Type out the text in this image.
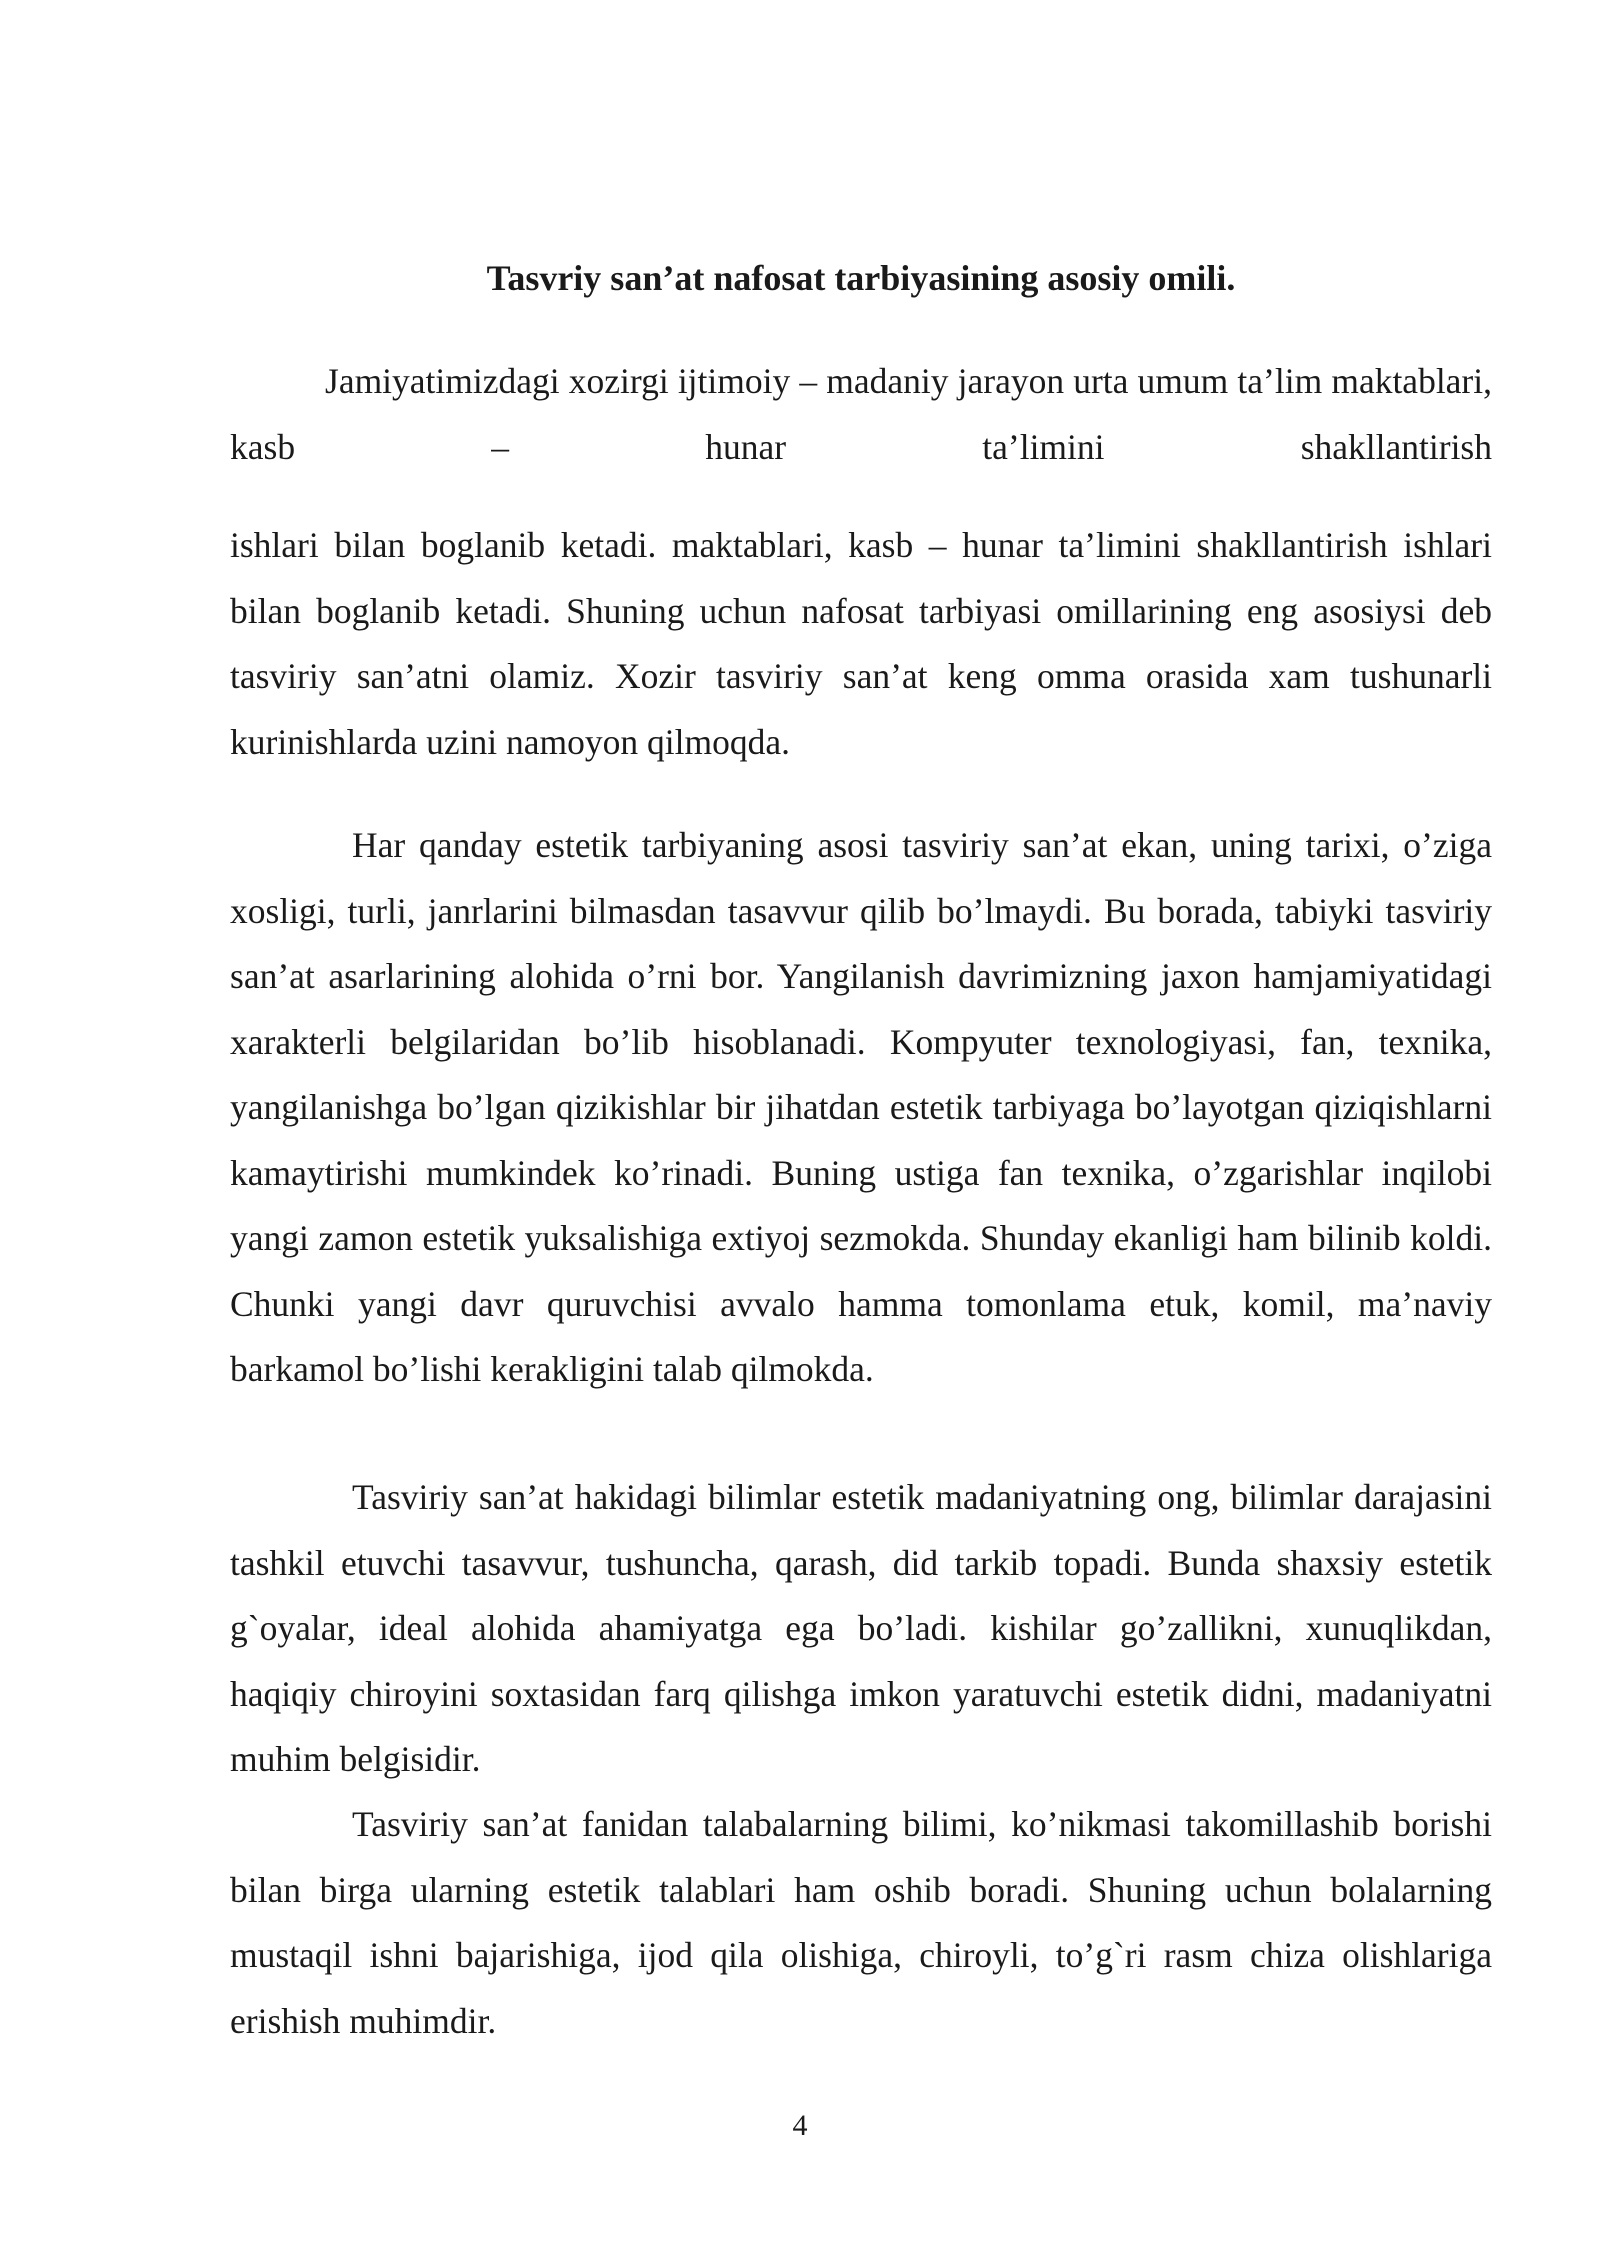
Tasvriy san’at nafosat tarbiyasining asosiy omili.

Jamiyatimizdagi xozirgi ijtimoiy – madaniy jarayon urta umum ta’lim maktablari, kasb – hunar ta’limini shakllantirish

ishlari bilan boglanib ketadi. maktablari, kasb – hunar ta’limini shakllantirish ishlari bilan boglanib ketadi. Shuning uchun nafosat tarbiyasi omillarining eng asosiysi deb tasviriy san’atni olamiz. Xozir tasviriy san’at keng omma orasida xam tushunarli kurinishlarda uzini namoyon qilmoqda.

Har qanday estetik tarbiyaning asosi tasviriy san’at ekan, uning tarixi, o’ziga xosligi, turli, janrlarini bilmasdan tasavvur qilib bo’lmaydi. Bu borada, tabiyki tasviriy san’at asarlarining alohida o’rni bor. Yangilanish davrimizning jaxon hamjamiyatidagi xarakterli belgilaridan bo’lib hisoblanadi. Kompyuter texnologiyasi, fan, texnika, yangilanishga bo’lgan qizikishlar bir jihatdan estetik tarbiyaga bo’layotgan qiziqishlarni kamaytirishi mumkindek ko’rinadi. Buning ustiga fan texnika, o’zgarishlar inqilobi yangi zamon estetik yuksalishiga extiyoj sezmokda. Shunday ekanligi ham bilinib koldi. Chunki yangi davr quruvchisi avvalo hamma tomonlama etuk, komil, ma’naviy barkamol bo’lishi kerakligini talab qilmokda.

Tasviriy san’at hakidagi bilimlar estetik madaniyatning ong, bilimlar darajasini tashkil etuvchi tasavvur, tushuncha, qarash, did tarkib topadi. Bunda shaxsiy estetik g`oyalar, ideal alohida ahamiyatga ega bo’ladi. kishilar go’zallikni, xunuqlikdan, haqiqiy chiroyini soxtasidan farq qilishga imkon yaratuvchi estetik didni, madaniyatni muhim belgisidir.

Tasviriy san’at fanidan talabalarning bilimi, ko’nikmasi takomillashib borishi bilan birga ularning estetik talablari ham oshib boradi. Shuning uchun bolalarning mustaqil ishni bajarishiga, ijod qila olishiga, chiroyli, to’g`ri rasm chiza olishlariga erishish muhimdir.

4
